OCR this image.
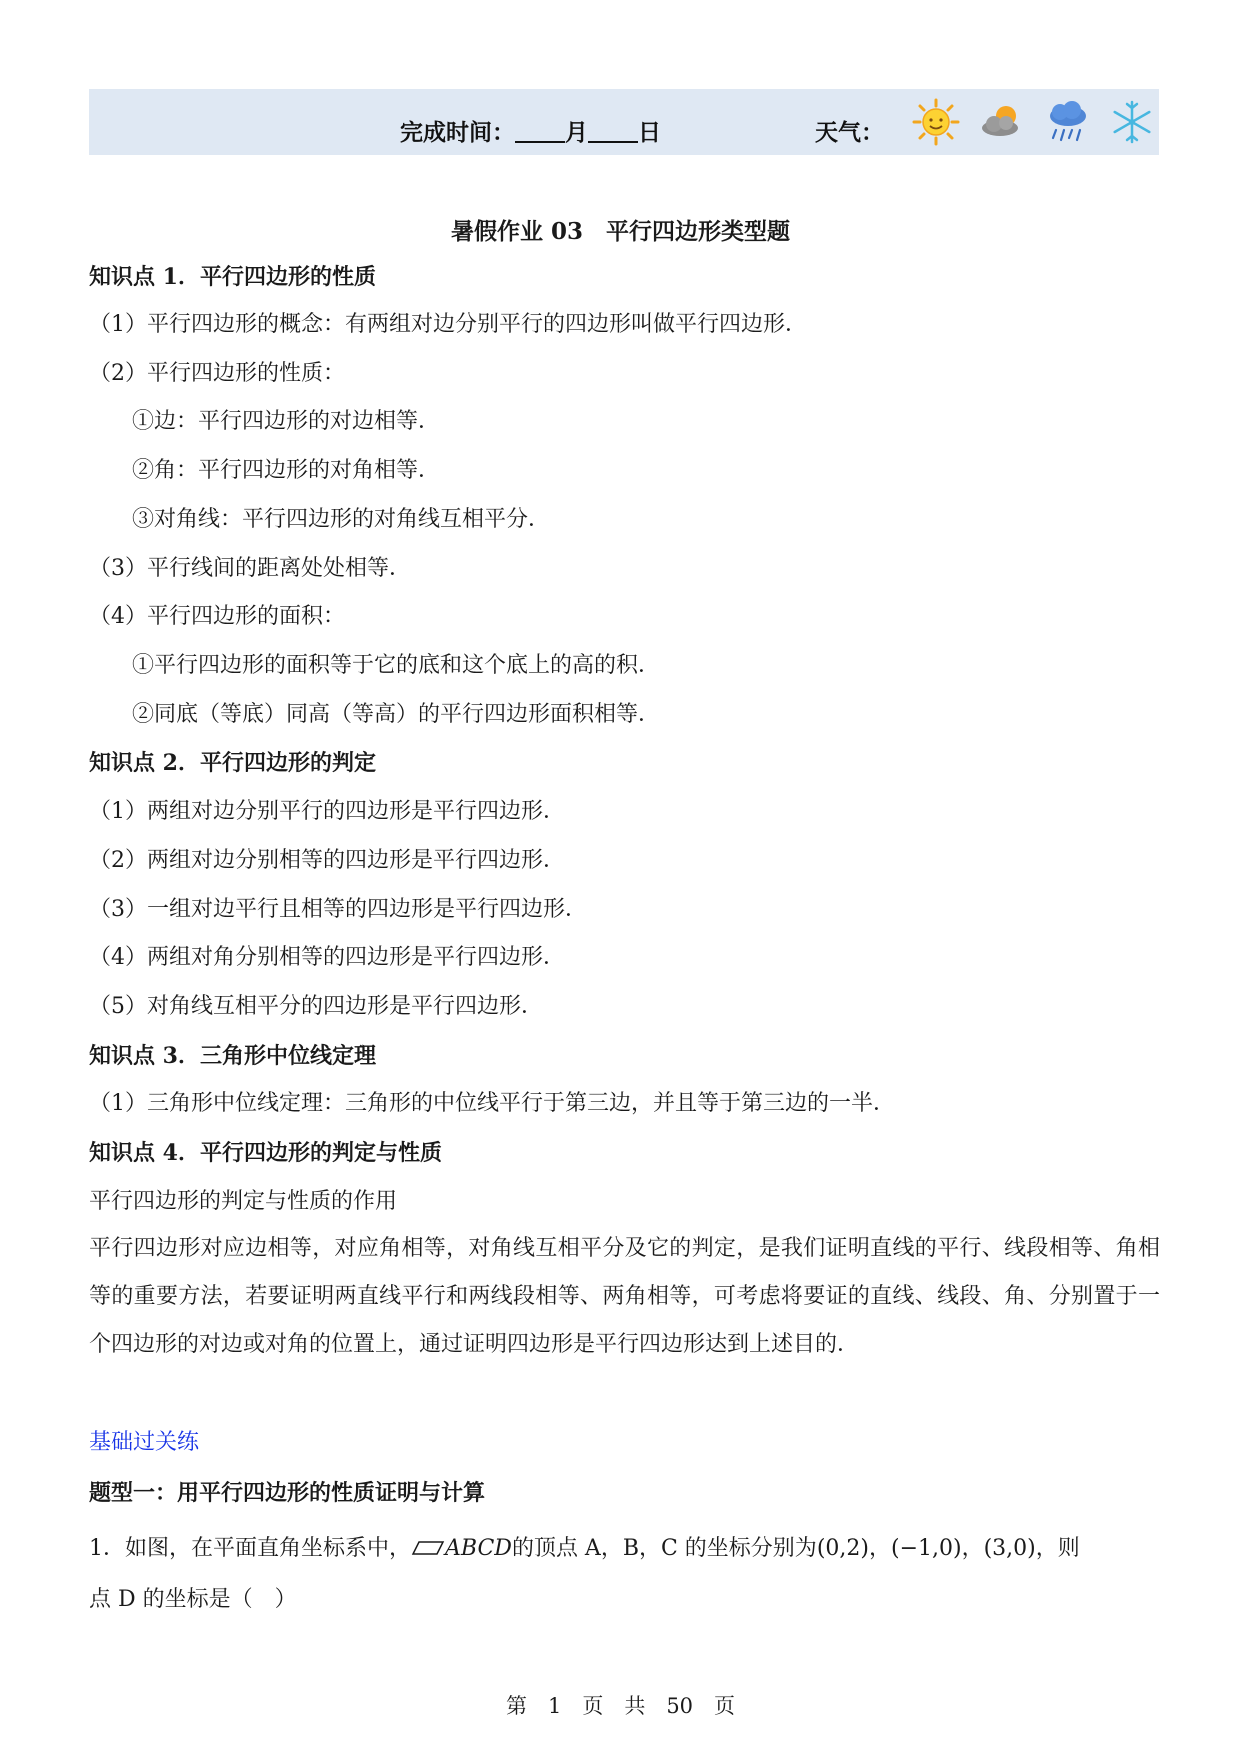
完成时间： 月 日	天气：
暑假作业 03　平行四边形类型题
知识点 1．平行四边形的性质
（1）平行四边形的概念：有两组对边分别平行的四边形叫做平行四边形．
（2）平行四边形的性质：
①边：平行四边形的对边相等．
②角：平行四边形的对角相等．
③对角线：平行四边形的对角线互相平分．
（3）平行线间的距离处处相等．
（4）平行四边形的面积：
①平行四边形的面积等于它的底和这个底上的高的积．
②同底（等底）同高（等高）的平行四边形面积相等．
知识点 2．平行四边形的判定
（1）两组对边分别平行的四边形是平行四边形．
（2）两组对边分别相等的四边形是平行四边形．
（3）一组对边平行且相等的四边形是平行四边形．
（4）两组对角分别相等的四边形是平行四边形．
（5）对角线互相平分的四边形是平行四边形．
知识点 3．三角形中位线定理
（1）三角形中位线定理：三角形的中位线平行于第三边，并且等于第三边的一半．
知识点 4．平行四边形的判定与性质
平行四边形的判定与性质的作用
平行四边形对应边相等，对应角相等，对角线互相平分及它的判定，是我们证明直线的平行、线段相等、角相等的重要方法，若要证明两直线平行和两线段相等、两角相等，可考虑将要证的直线、线段、角、分别置于一个四边形的对边或对角的位置上，通过证明四边形是平行四边形达到上述目的．
基础过关练
题型一：用平行四边形的性质证明与计算
1．如图，在平面直角坐标系中， ABCD的顶点 A，B，C 的坐标分别为(0,2)，(−1,0)，(3,0)，则
点 D 的坐标是（　）
第　1　页　共　50　页
